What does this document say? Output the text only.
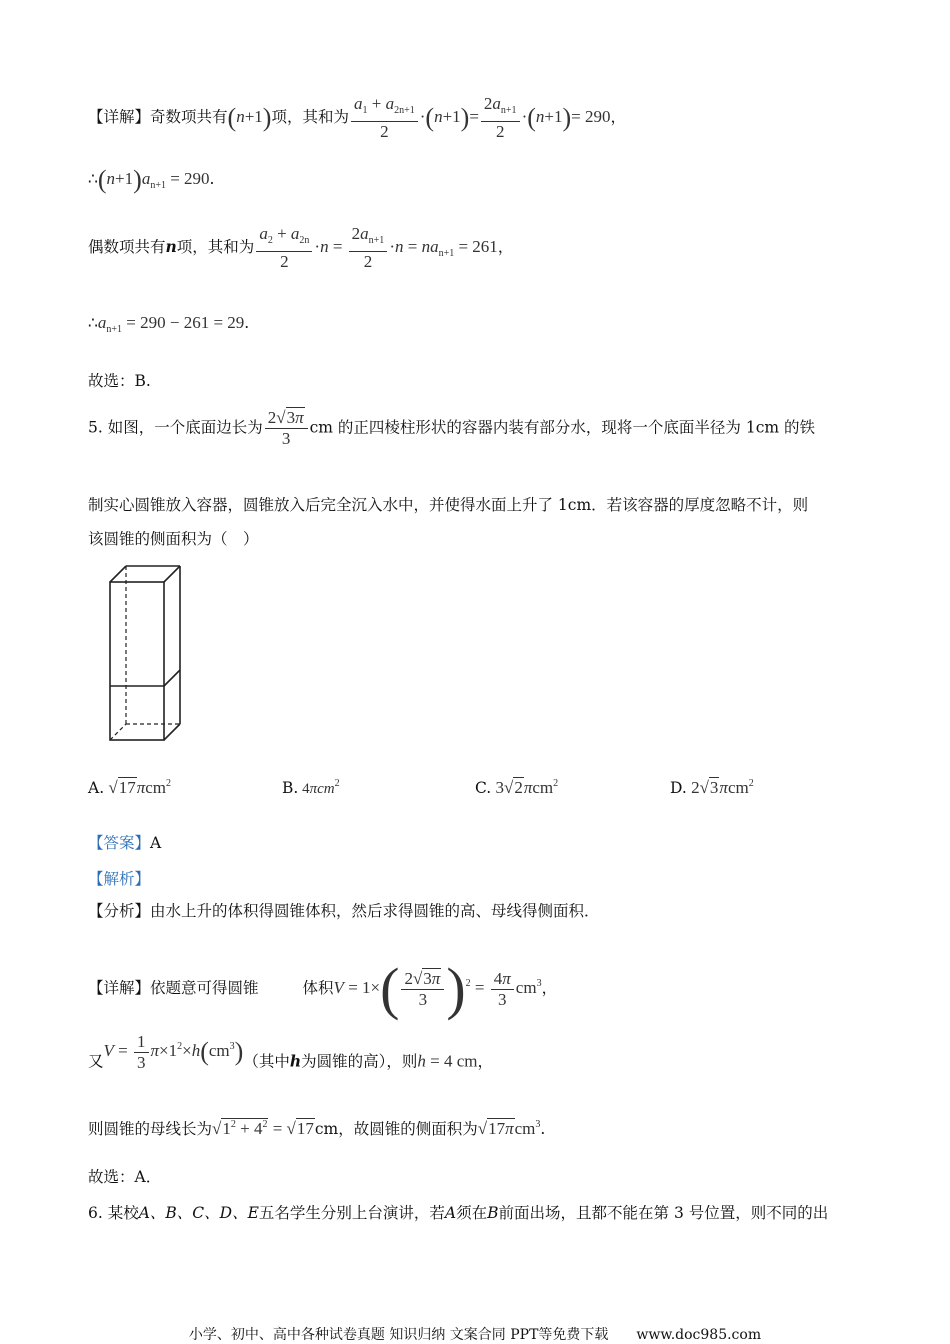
【详解】奇数项共有(n+1)项，其和为 $\frac{a_1 + a_{2n+1}}{2} \cdot(n+1)= \frac{2a_{n+1}}{2} \cdot(n+1)= 290$，
$\therefore(n+1)a_{n+1} = 290$.
偶数项共有n项，其和为 $\frac{a_2 + a_{2n}}{2} \cdot n = \frac{2a_{n+1}}{2} \cdot n = na_{n+1} = 261$，
$\therefore a_{n+1} = 290 - 261 = 29$.
故选：B.
5. 如图，一个底面边长为 $\frac{2√3\pi}{3}$ cm 的正四棱柱形状的容器内装有部分水，现将一个底面半径为 1cm 的铁
制实心圆锥放入容器，圆锥放入后完全沉入水中，并使得水面上升了 1cm．若该容器的厚度忽略不计，则
该圆锥的侧面积为（　）
A. √17πcm$^2$	B. 4πcm$^2$	C. 3√2πcm$^2$	D. 2√3πcm$^2$
【答案】A
【解析】
【分析】由水上升的体积得圆锥体积，然后求得圆锥的高、母线得侧面积．
【详解】依题意可得圆锥	体积$V = 1\times( \frac{2√3\pi}{3} )^2 = \frac{4\pi}{3} cm^3$，
又$V = \frac{1}{3} \pi\times 1^2\times h(cm^3)$（其中h为圆锥的高），则h = 4 cm，
则圆锥的母线长为$√1^2 + 4^2 = √17cm$，故圆锥的侧面积为√17πcm$^3$.
故选：A．
6. 某校A、B、C、D、E五名学生分别上台演讲，若A须在B前面出场，且都不能在第 3 号位置，则不同的出
小学、初中、高中各种试卷真题 知识归纳 文案合同 PPT等免费下载　　www.doc985.com
